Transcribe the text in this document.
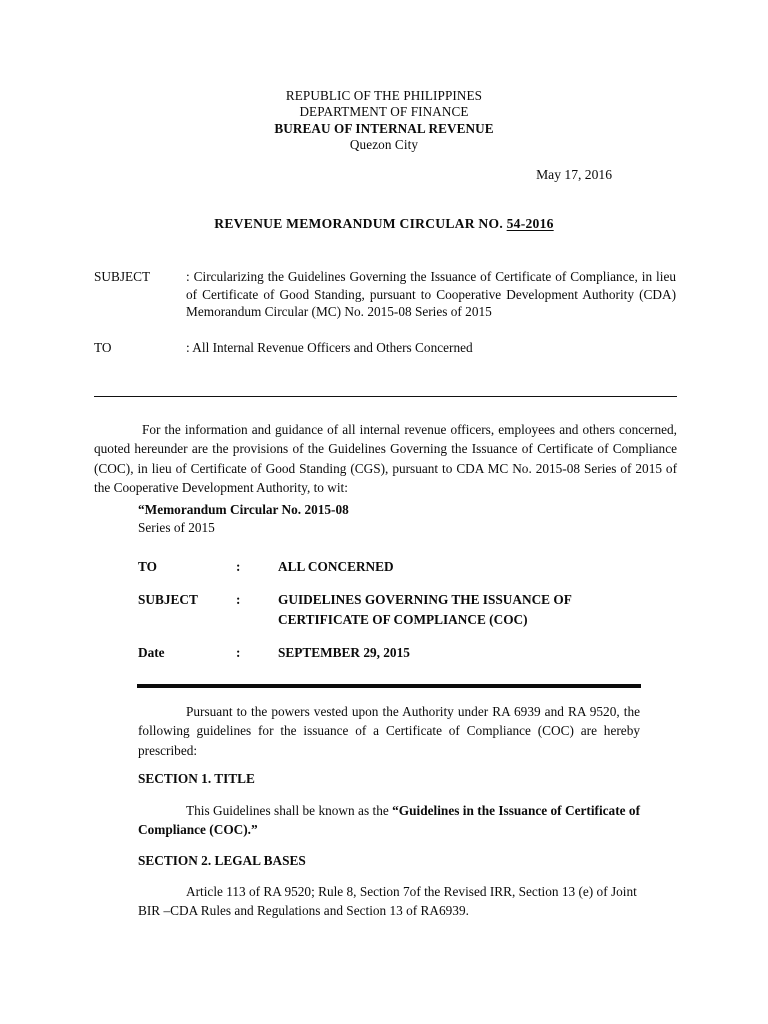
REPUBLIC OF THE PHILIPPINES
DEPARTMENT OF FINANCE
BUREAU OF INTERNAL REVENUE
Quezon City
May 17, 2016
REVENUE MEMORANDUM CIRCULAR NO. 54-2016
SUBJECT	: Circularizing the Guidelines Governing the Issuance of Certificate of Compliance, in lieu of Certificate of Good Standing, pursuant to Cooperative Development Authority (CDA) Memorandum Circular (MC) No. 2015-08 Series of 2015
TO	: All Internal Revenue Officers and Others Concerned
For the information and guidance of all internal revenue officers, employees and others concerned, quoted hereunder are the provisions of the Guidelines Governing the Issuance of Certificate of Compliance (COC), in lieu of Certificate of Good Standing (CGS), pursuant to CDA MC No. 2015-08 Series of 2015 of the Cooperative Development Authority, to wit:
“Memorandum Circular No. 2015-08
Series of 2015
TO	:	ALL CONCERNED
SUBJECT	:	GUIDELINES GOVERNING THE ISSUANCE OF
CERTIFICATE OF COMPLIANCE (COC)
Date	:	SEPTEMBER 29, 2015
Pursuant to the powers vested upon the Authority under RA 6939 and RA 9520, the following guidelines for the issuance of a Certificate of Compliance (COC) are hereby prescribed:
SECTION 1. TITLE
This Guidelines shall be known as the “Guidelines in the Issuance of Certificate of Compliance (COC).”
SECTION 2. LEGAL BASES
Article 113 of RA 9520; Rule 8, Section 7of the Revised IRR, Section 13 (e) of Joint BIR –CDA Rules and Regulations and Section 13 of RA6939.
